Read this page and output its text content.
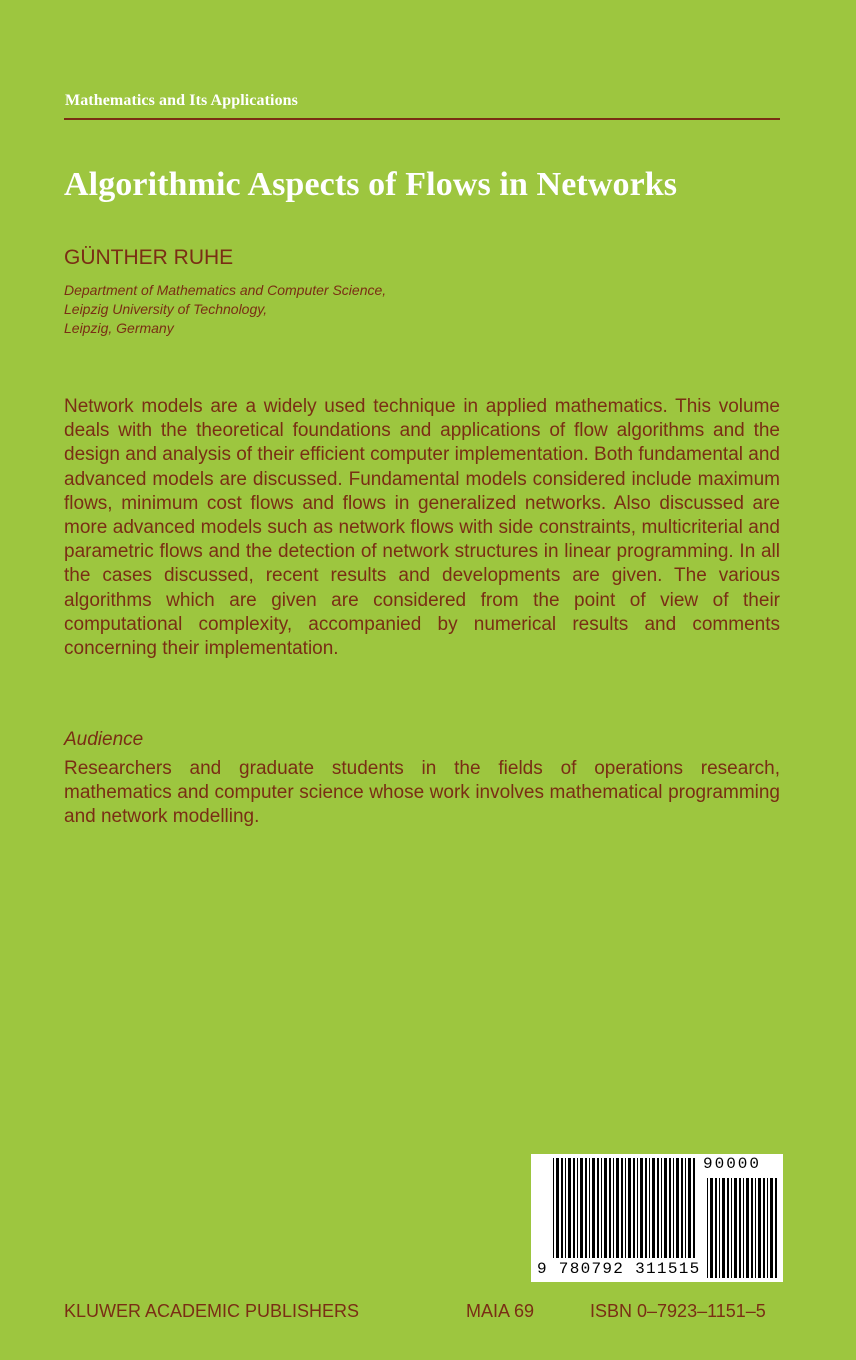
Mathematics and Its Applications
Algorithmic Aspects of Flows in Networks
GÜNTHER RUHE
Department of Mathematics and Computer Science,
Leipzig University of Technology,
Leipzig, Germany

Network models are a widely used technique in applied mathematics. This volume deals with the theoretical foundations and applications of flow algorithms and the design and analysis of their efficient computer implementation. Both fundamental and advanced models are discussed. Fundamental models considered include maximum flows, minimum cost flows and flows in generalized networks. Also discussed are more advanced models such as network flows with side constraints, multicriterial and parametric flows and the detection of network structures in linear programming. In all the cases discussed, recent results and developments are given. The various algorithms which are given are considered from the point of view of their computational complexity, accompanied by numerical results and comments concerning their implementation.

Audience

Researchers and graduate students in the fields of operations research, mathematics and computer science whose work involves mathematical programming and network modelling.

9 780792 311515
90000
KLUWER ACADEMIC PUBLISHERS	MAIA 69	ISBN 0–7923–1151–5
